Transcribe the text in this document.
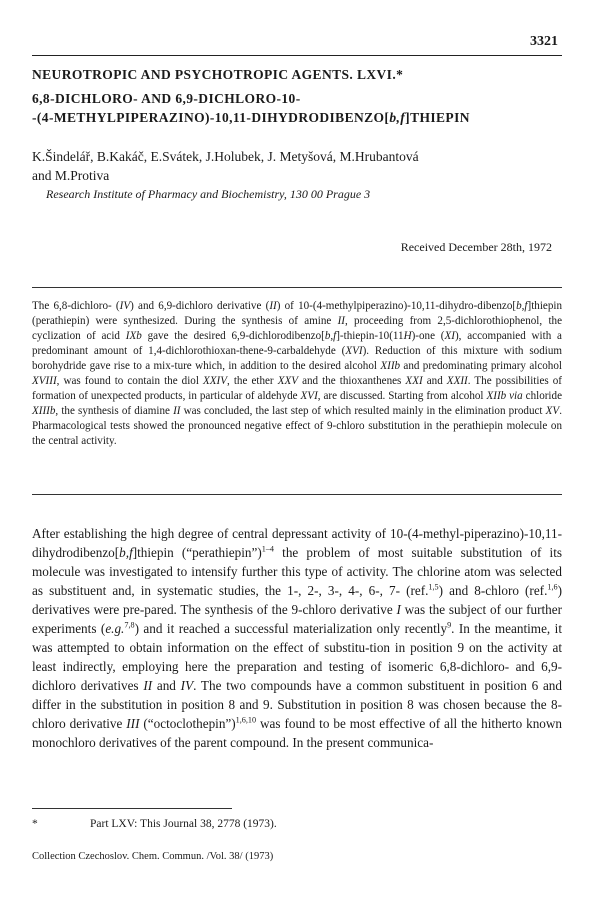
3321
NEUROTROPIC AND PSYCHOTROPIC AGENTS. LXVI.*
6,8-DICHLORO- AND 6,9-DICHLORO-10-
-(4-METHYLPIPERAZINO)-10,11-DIHYDRODIBENZO[b,f]THIEPIN
K.Šindelář, B.Kakáč, E.Svátek, J.Holubek, J. Metyšová, M.Hrubantová
and M.Protiva
Research Institute of Pharmacy and Biochemistry, 130 00 Prague 3
Received December 28th, 1972

The 6,8-dichloro- (IV) and 6,9-dichloro derivative (II) of 10-(4-methylpiperazino)-10,11-dihydro-dibenzo[b,f]thiepin (perathiepin) were synthesized. During the synthesis of amine II, proceeding from 2,5-dichlorothiophenol, the cyclization of acid IXb gave the desired 6,9-dichlorodibenzo[b,f]-thiepin-10(11H)-one (XI), accompanied with a predominant amount of 1,4-dichlorothioxan-thene-9-carbaldehyde (XVI). Reduction of this mixture with sodium borohydride gave rise to a mix-ture which, in addition to the desired alcohol XIIb and predominating primary alcohol XVIII, was found to contain the diol XXIV, the ether XXV and the thioxanthenes XXI and XXII. The possibilities of formation of unexpected products, in particular of aldehyde XVI, are discussed. Starting from alcohol XIIb via chloride XIIIb, the synthesis of diamine II was concluded, the last step of which resulted mainly in the elimination product XV. Pharmacological tests showed the pronounced negative effect of 9-chloro substitution in the perathiepin molecule on the central activity.

After establishing the high degree of central depressant activity of 10-(4-methyl-piperazino)-10,11-dihydrodibenzo[b,f]thiepin (“perathiepin”)$^{1-4}$ the problem of most suitable substitution of its molecule was investigated to intensify further this type of activity. The chlorine atom was selected as substituent and, in systematic studies, the 1-, 2-, 3-, 4-, 6-, 7- (ref.$^{1,5}$) and 8-chloro (ref.$^{1,6}$) derivatives were pre-pared. The synthesis of the 9-chloro derivative I was the subject of our further experiments (e.g.$^{7,8}$) and it reached a successful materialization only recently$^9$. In the meantime, it was attempted to obtain information on the effect of substitu-tion in position 9 on the activity at least indirectly, employing here the preparation and testing of isomeric 6,8-dichloro- and 6,9-dichloro derivatives II and IV. The two compounds have a common substituent in position 6 and differ in the substitution in position 8 and 9. Substitution in position 8 was chosen because the 8-chloro derivative III (“octoclothepin”)$^{1,6,10}$ was found to be most effective of all the hitherto known monochloro derivatives of the parent compound. In the present communica-

*	Part LXV: This Journal 38, 2778 (1973).
Collection Czechoslov. Chem. Commun. /Vol. 38/ (1973)
